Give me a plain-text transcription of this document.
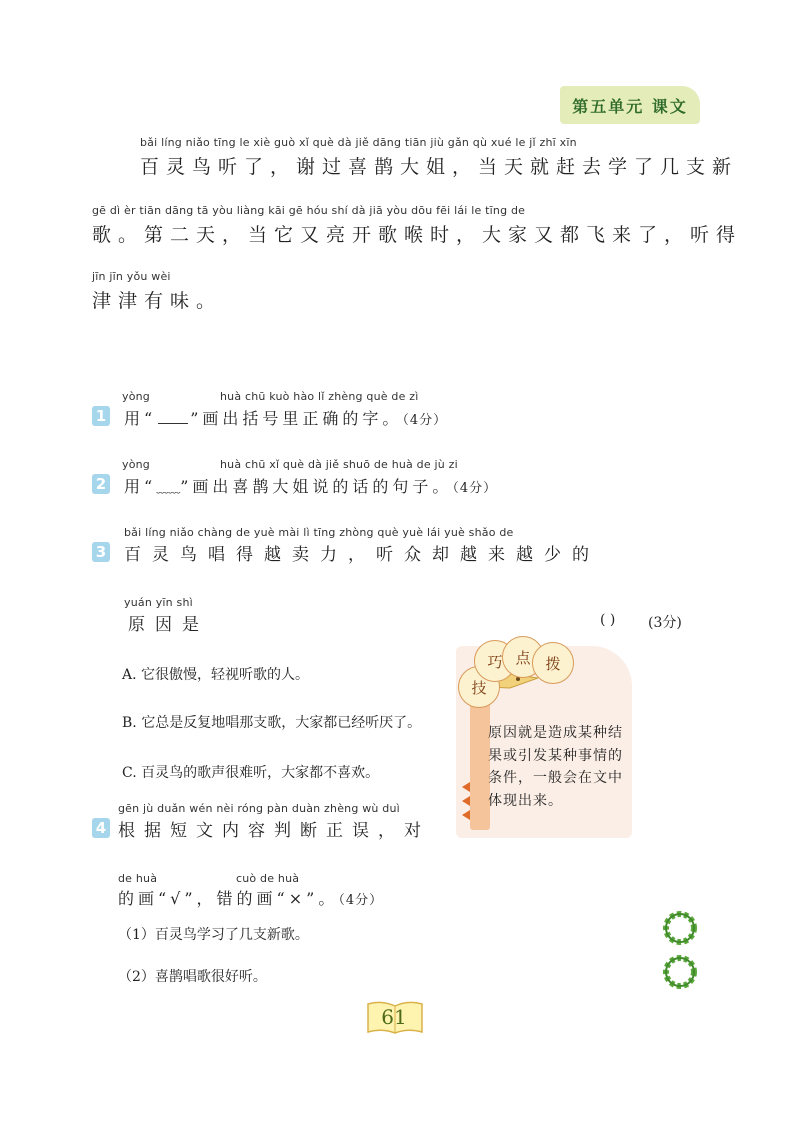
第五单元 课文
bǎi líng niǎo tīng le xiè guò xǐ què dà jiě dāng tiān jiù gǎn qù xué le jǐ zhī xīn
百灵鸟听了，谢过喜鹊大姐，当天就赶去学了几支新
gē dì èr tiān dāng tā yòu liàng kāi gē hóu shí dà jiā yòu dōu fēi lái le tīng de
歌。第二天，当它又亮开歌喉时，大家又都飞来了，听得
jīn jīn yǒu wèi
津津有味。
yòng	huà chū kuò hào lǐ zhèng què de zì
1 用“ ”画出括号里正确的字。（4分）
yòng	huà chū xǐ què dà jiě shuō de huà de jù zi
2 用“﹏﹏”画出喜鹊大姐说的话的句子。（4分）
bǎi líng niǎo chàng de yuè mài lì tīng zhòng què yuè lái yuè shǎo de
3 百灵鸟唱得越卖力，听众却越来越少的
yuán yīn shì
原因是	( ) (3分)
A. 它很傲慢，轻视听歌的人。
B. 它总是反复地唱那支歌，大家都已经听厌了。
C. 百灵鸟的歌声很难听，大家都不喜欢。
gēn jù duǎn wén nèi róng pàn duàn zhèng wù duì
4 根据短文内容判断正误，对
de huà	cuò de huà
的画“√”，错的画“×”。（4分）
（1）百灵鸟学习了几支新歌。
（2）喜鹊唱歌很好听。
技
巧 点 拨
原因就是造成某种结果或引发某种事情的条件，一般会在文中体现出来。
61
